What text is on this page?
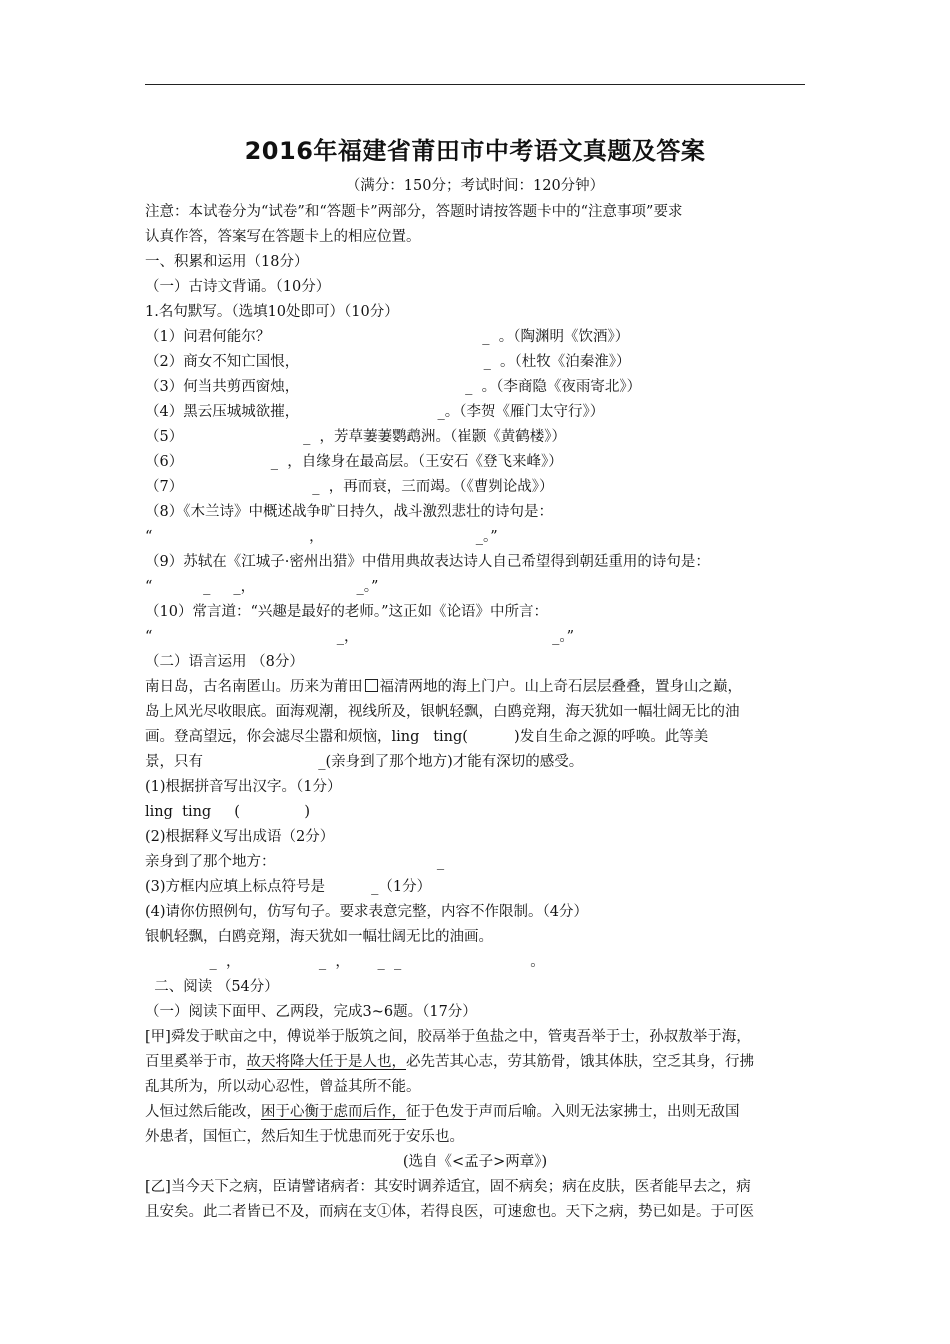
2016年福建省莆田市中考语文真题及答案
（满分：150分；考试时间：120分钟）
注意：本试卷分为“试卷”和“答题卡”两部分，答题时请按答题卡中的“注意事项”要求
认真作答，答案写在答题卡上的相应位置。
一、积累和运用（18分）
（一）古诗文背诵。（10分）
1.名句默写。（选填10处即可）（10分）
（1）问君何能尔？                                              _  。（陶渊明《饮酒》）
（2）商女不知亡国恨，                                        _  。（杜牧《泊秦淮》）
（3）何当共剪西窗烛，                                    _  。（李商隐《夜雨寄北》）
（4）黑云压城城欲摧，                              _。（李贺《雁门太守行》）
（5）                          _  ，芳草萋萋鹦鹉洲。（崔颢《黄鹤楼》）
（6）                   _  ，自缘身在最高层。（王安石《登飞来峰》）
（7）                            _  ，再而衰，三而竭。（《曹刿论战》）
（8）《木兰诗》中概述战争旷日持久，战斗激烈悲壮的诗句是：
“                                  ，                                 _。”
（9）苏轼在《江城子·密州出猎》中借用典故表达诗人自己希望得到朝廷重用的诗句是：
“           _     _，                      _。”
（10）常言道：“兴趣是最好的老师。”这正如《论语》中所言：
“                                        _，                                          _。”
（二）语言运用 （8分）
南日岛，古名南匿山。历来为莆田 福清两地的海上门户。山上奇石层层叠叠，置身山之巅，
岛上风光尽收眼底。面海观潮，视线所及，银帆轻飘，白鸥竞翔，海天犹如一幅壮阔无比的油
画。登高望远，你会滤尽尘嚣和烦恼，ling   ting(          )发自生命之源的呼唤。此等美
景，只有                         _(亲身到了那个地方)才能有深切的感受。
(1)根据拼音写出汉字。（1分）
ling  ting     (              )
(2)根据释义写出成语（2分）
亲身到了那个地方：                                   _
(3)方框内应填上标点符号是          _（1分）
(4)请你仿照例句，仿写句子。要求表意完整，内容不作限制。（4分）
银帆轻飘，白鸥竞翔，海天犹如一幅壮阔无比的油画。
_  ，                 _  ，      _  _                            。
二、阅读 （54分）
（一）阅读下面甲、乙两段，完成3~6题。（17分）
[甲]舜发于畎亩之中，傅说举于版筑之间，胶鬲举于鱼盐之中，管夷吾举于士，孙叔敖举于海，
百里奚举于市，故天将降大任于是人也，必先苦其心志，劳其筋骨，饿其体肤，空乏其身，行拂
乱其所为，所以动心忍性，曾益其所不能。
人恒过然后能改，困于心衡于虑而后作，征于色发于声而后喻。入则无法家拂士，出则无敌国
外患者，国恒亡，然后知生于忧患而死于安乐也。
(选自《<孟子>两章》)
[乙]当今天下之病，臣请譬诸病者：其安时调养适宜，固不病矣；病在皮肤，医者能早去之，病
且安矣。此二者皆已不及，而病在支①体，若得良医，可速愈也。天下之病，势已如是。于可医
